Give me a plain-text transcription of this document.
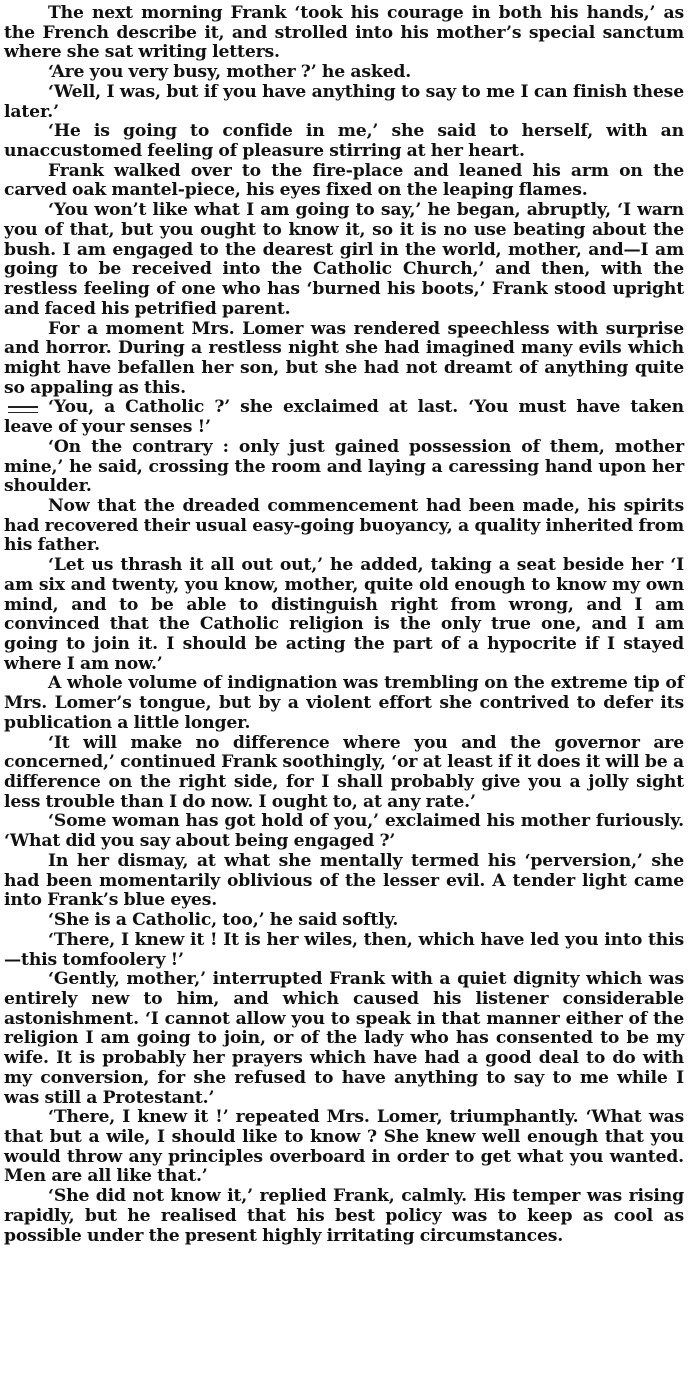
The next morning Frank ‘took his courage in both his hands,’ as the French describe it, and strolled into his mother’s special sanctum where she sat writing letters.

‘Are you very busy, mother ?’ he asked.

‘Well, I was, but if you have anything to say to me I can finish these later.’

‘He is going to confide in me,’ she said to herself, with an unaccustomed feeling of pleasure stirring at her heart.

Frank walked over to the fire-place and leaned his arm on the carved oak mantel-piece, his eyes fixed on the leaping flames.

‘You won’t like what I am going to say,’ he began, abruptly, ‘I warn you of that, but you ought to know it, so it is no use beating about the bush. I am engaged to the dearest girl in the world, mother, and—I am going to be received into the Catholic Church,’ and then, with the restless feeling of one who has ‘burned his boots,’ Frank stood upright and faced his petrified parent.

For a moment Mrs. Lomer was rendered speechless with surprise and horror. During a restless night she had imagined many evils which might have befallen her son, but she had not dreamt of anything quite so appaling as this.

‘You, a Catholic ?’ she exclaimed at last. ‘You must have taken leave of your senses !’

‘On the contrary : only just gained possession of them, mother mine,’ he said, crossing the room and laying a caressing hand upon her shoulder.

Now that the dreaded commencement had been made, his spirits had recovered their usual easy-going buoyancy, a quality inherited from his father.

‘Let us thrash it all out out,’ he added, taking a seat beside her ‘I am six and twenty, you know, mother, quite old enough to know my own mind, and to be able to distinguish right from wrong, and I am convinced that the Catholic religion is the only true one, and I am going to join it. I should be acting the part of a hypocrite if I stayed where I am now.’

A whole volume of indignation was trembling on the extreme tip of Mrs. Lomer’s tongue, but by a violent effort she contrived to defer its publication a little longer.

‘It will make no difference where you and the governor are concerned,’ continued Frank soothingly, ‘or at least if it does it will be a difference on the right side, for I shall probably give you a jolly sight less trouble than I do now. I ought to, at any rate.’

‘Some woman has got hold of you,’ exclaimed his mother furiously. ‘What did you say about being engaged ?’

In her dismay, at what she mentally termed his ‘perversion,’ she had been momentarily oblivious of the lesser evil. A tender light came into Frank’s blue eyes.

‘She is a Catholic, too,’ he said softly.

‘There, I knew it ! It is her wiles, then, which have led you into this—this tomfoolery !’

‘Gently, mother,’ interrupted Frank with a quiet dignity which was entirely new to him, and which caused his listener considerable astonishment. ‘I cannot allow you to speak in that manner either of the religion I am going to join, or of the lady who has consented to be my wife. It is probably her prayers which have had a good deal to do with my conversion, for she refused to have anything to say to me while I was still a Protestant.’

‘There, I knew it !’ repeated Mrs. Lomer, triumphantly. ‘What was that but a wile, I should like to know ? She knew well enough that you would throw any principles overboard in order to get what you wanted. Men are all like that.’

‘She did not know it,’ replied Frank, calmly. His temper was rising rapidly, but he realised that his best policy was to keep as cool as possible under the present highly irritating circumstances.
